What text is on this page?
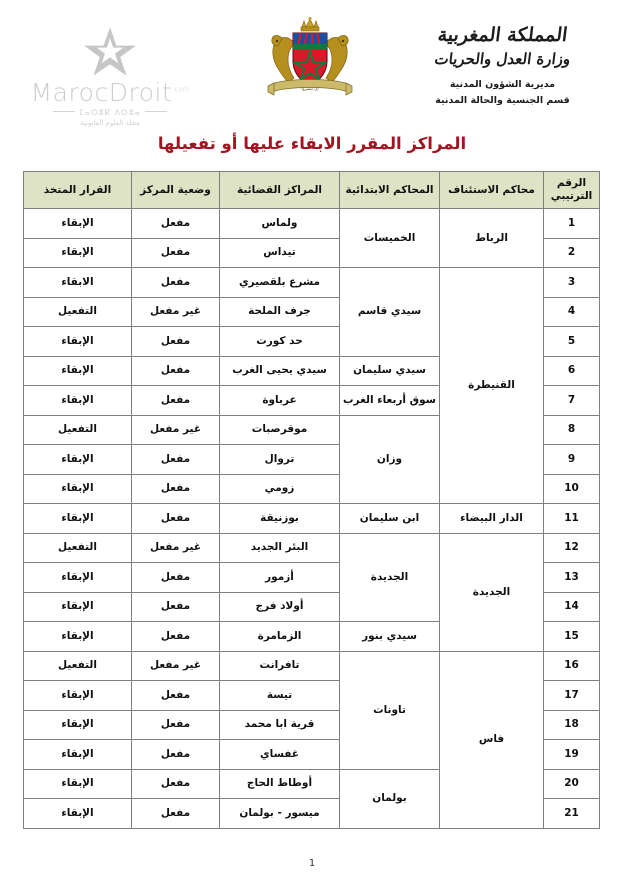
MarocDroit$^{.com}$
ⵎⴰⵔⵓⴽ ⴷⵔⵓⴰ
مجلة العلوم القانونية
إن تنصروا
المملكة المغربية
وزارة العدل والحريات
مديرية الشؤون المدنية
قسم الجنسية والحالة المدنية
المراكز المقرر الابقاء عليها أو تفعيلها
الرقم الترتيبي	محاكم الاستئناف	المحاكم الابتدائية	المراكز القضائية	وضعية المركز	القرار المتخذ
1	الرباط	الخميسات	ولماس	مفعل	الإبقاء
2			تيداس	مفعل	الإبقاء
3	القنيطرة	سيدي قاسم	مشرع بلقصيري	مفعل	الابقاء
4			جرف الملحة	غير مفعل	التفعيل
5			حد كورت	مفعل	الإبقاء
6		سيدي سليمان	سيدي يحيى الغرب	مفعل	الإبقاء
7		سوق أربعاء الغرب	عرباوة	مفعل	الإبقاء
8		وزان	موقرصبات	غير مفعل	التفعيل
9			تروال	مفعل	الإبقاء
10			زومي	مفعل	الإبقاء
11	الدار البيضاء	ابن سليمان	بوزنيقة	مفعل	الإبقاء
12	الجديدة	الجديدة	البئر الجديد	غير مفعل	التفعيل
13			أزمور	مفعل	الإبقاء
14			أولاد فرج	مفعل	الإبقاء
15		سيدي بنور	الزمامرة	مفعل	الإبقاء
16	فاس	تاونات	تافرانت	غير مفعل	التفعيل
17			تيسة	مفعل	الإبقاء
18			قرية ابا محمد	مفعل	الإبقاء
19			غفساي	مفعل	الإبقاء
20		بولمان	أوطاط الحاج	مفعل	الإبقاء
21			ميسور - بولمان	مفعل	الإبقاء
1
